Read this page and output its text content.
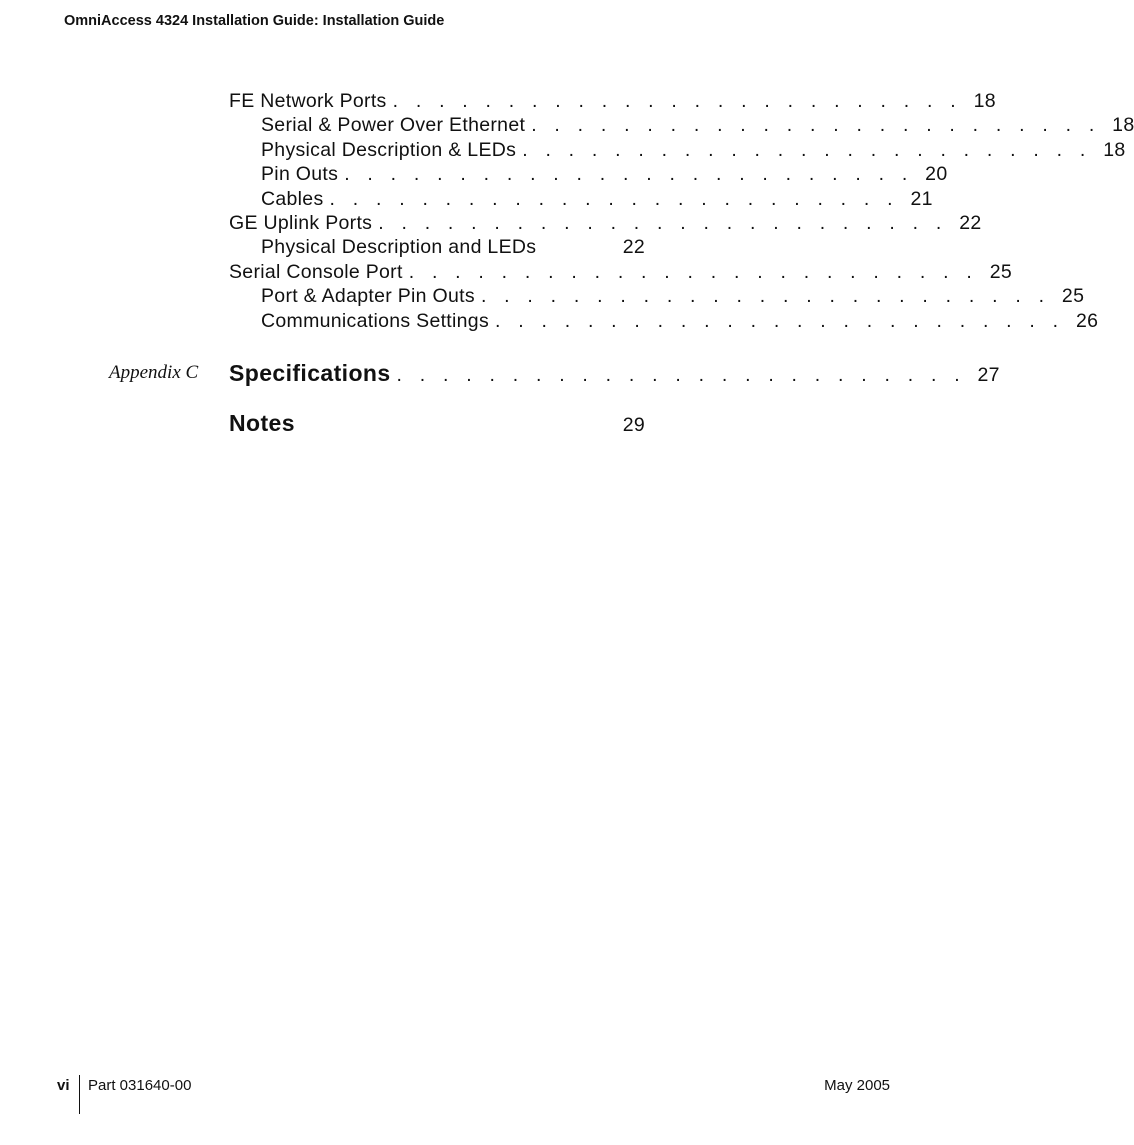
OmniAccess 4324 Installation Guide: Installation Guide
FE Network Ports . . . . . . . . . . . . . . . . . . . . . . . . . 18
Serial & Power Over Ethernet . . . . . . . . . . . . . . . . . . . . . . . . . 18
Physical Description & LEDs . . . . . . . . . . . . . . . . . . . . . . . . . 18
Pin Outs . . . . . . . . . . . . . . . . . . . . . . . . . 20
Cables . . . . . . . . . . . . . . . . . . . . . . . . . 21
GE Uplink Ports . . . . . . . . . . . . . . . . . . . . . . . . . 22
Physical Description and LEDs	22
Serial Console Port . . . . . . . . . . . . . . . . . . . . . . . . . 25
Port & Adapter Pin Outs . . . . . . . . . . . . . . . . . . . . . . . . . 25
Communications Settings . . . . . . . . . . . . . . . . . . . . . . . . . 26
Appendix C Specifications . . . . . . . . . . . . . . . . . . . . . . . . . 27
Notes	29
vi Part 031640-00	May 2005
